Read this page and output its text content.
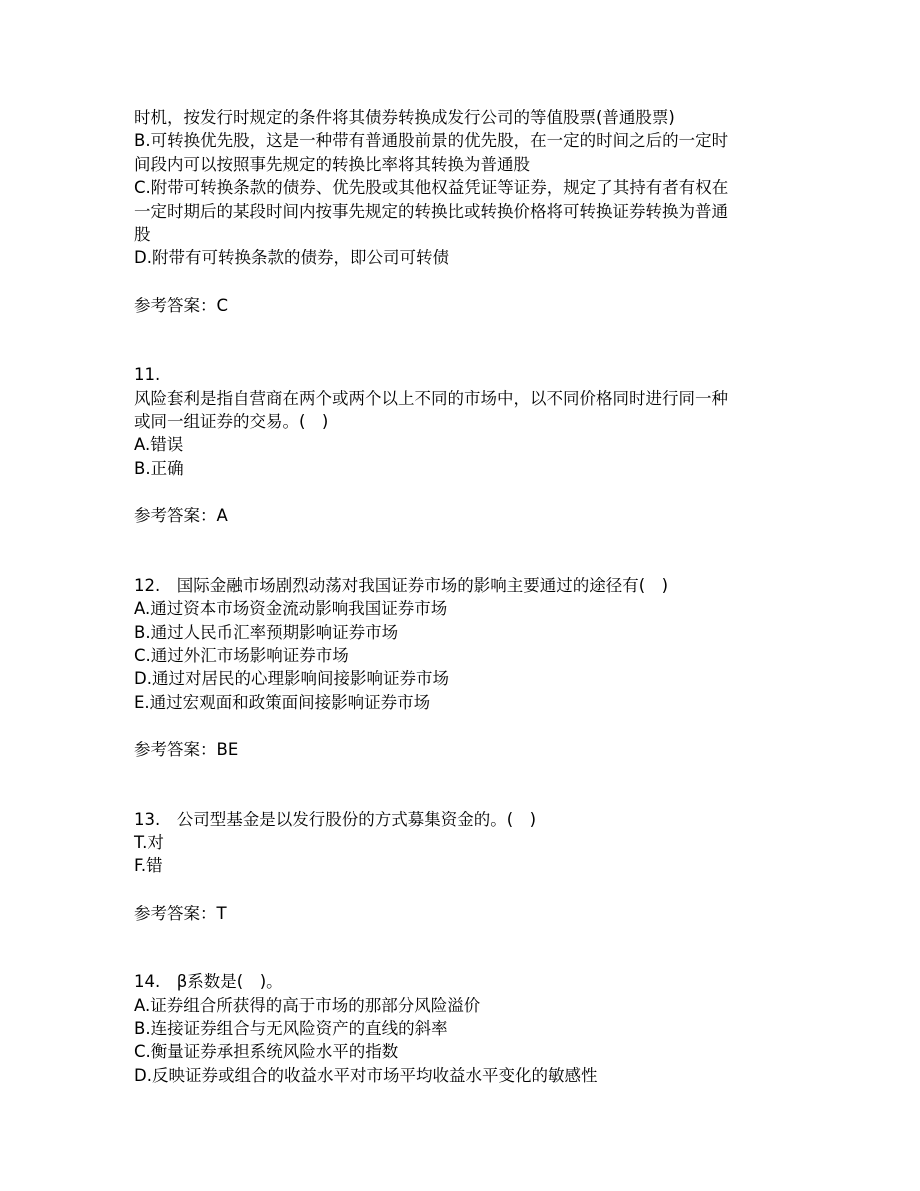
时机，按发行时规定的条件将其债券转换成发行公司的等值股票(普通股票)
B.可转换优先股，这是一种带有普通股前景的优先股，在一定的时间之后的一定时
间段内可以按照事先规定的转换比率将其转换为普通股
C.附带可转换条款的债券、优先股或其他权益凭证等证券，规定了其持有者有权在
一定时期后的某段时间内按事先规定的转换比或转换价格将可转换证券转换为普通
股
D.附带有可转换条款的债券，即公司可转债
参考答案：C
11.
风险套利是指自营商在两个或两个以上不同的市场中，以不同价格同时进行同一种
或同一组证券的交易。(　)
A.错误
B.正确
参考答案：A
12.　国际金融市场剧烈动荡对我国证券市场的影响主要通过的途径有(　)
A.通过资本市场资金流动影响我国证券市场
B.通过人民币汇率预期影响证券市场
C.通过外汇市场影响证券市场
D.通过对居民的心理影响间接影响证券市场
E.通过宏观面和政策面间接影响证券市场
参考答案：BE
13.　公司型基金是以发行股份的方式募集资金的。(　)
T.对
F.错
参考答案：T
14.　β系数是(　)。
A.证券组合所获得的高于市场的那部分风险溢价
B.连接证券组合与无风险资产的直线的斜率
C.衡量证券承担系统风险水平的指数
D.反映证券或组合的收益水平对市场平均收益水平变化的敏感性
